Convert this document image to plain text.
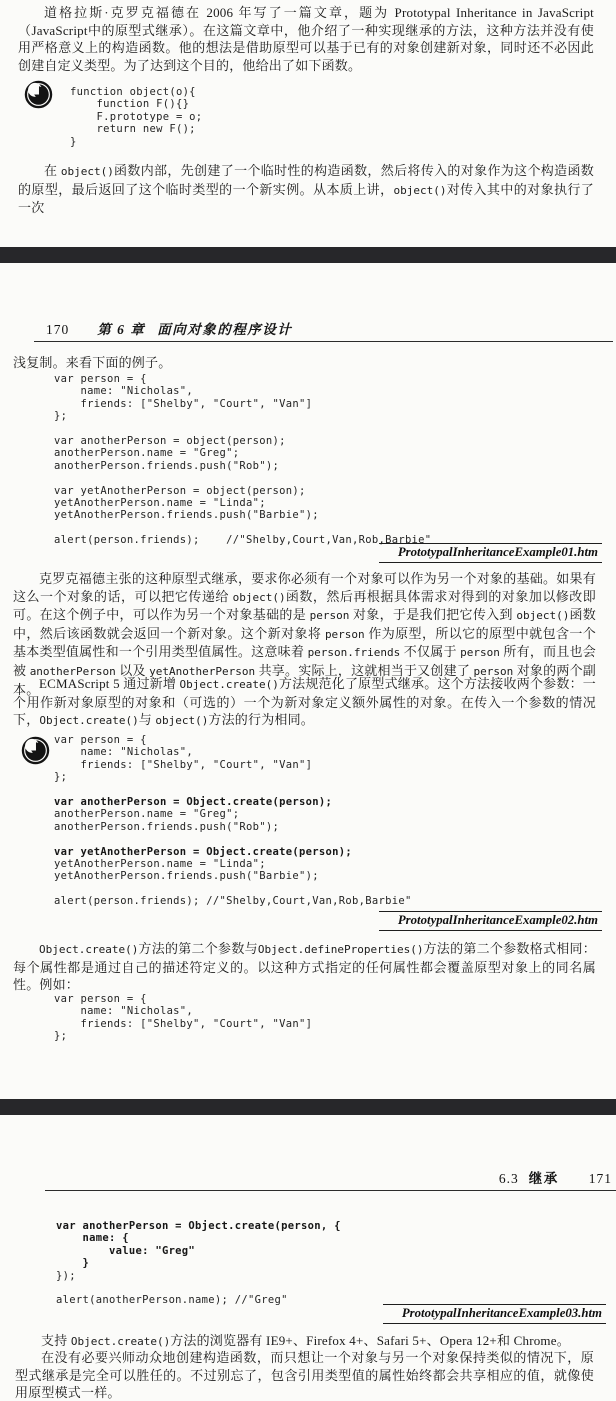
道格拉斯·克罗克福德在 2006 年写了一篇文章，题为 Prototypal Inheritance in JavaScript （JavaScript中的原型式继承）。在这篇文章中，他介绍了一种实现继承的方法，这种方法并没有使用严格意义上的构造函数。他的想法是借助原型可以基于已有的对象创建新对象，同时还不必因此创建自定义类型。为了达到这个目的，他给出了如下函数。
function object(o){
function F(){}
F.prototype = o;
return new F();
}
在 object()函数内部，先创建了一个临时性的构造函数，然后将传入的对象作为这个构造函数的原型，最后返回了这个临时类型的一个新实例。从本质上讲，object()对传入其中的对象执行了一次
170 第 6 章 面向对象的程序设计
浅复制。来看下面的例子。
var person = {
name: "Nicholas",
friends: ["Shelby", "Court", "Van"]
};

var anotherPerson = object(person);
anotherPerson.name = "Greg";
anotherPerson.friends.push("Rob");

var yetAnotherPerson = object(person);
yetAnotherPerson.name = "Linda";
yetAnotherPerson.friends.push("Barbie");

alert(person.friends);    //"Shelby,Court,Van,Rob,Barbie"
PrototypalInheritanceExample01.htm
克罗克福德主张的这种原型式继承，要求你必须有一个对象可以作为另一个对象的基础。如果有这么一个对象的话，可以把它传递给 object()函数，然后再根据具体需求对得到的对象加以修改即可。在这个例子中，可以作为另一个对象基础的是 person 对象，于是我们把它传入到 object()函数中，然后该函数就会返回一个新对象。这个新对象将 person 作为原型，所以它的原型中就包含一个基本类型值属性和一个引用类型值属性。这意味着 person.friends 不仅属于 person 所有，而且也会被 anotherPerson 以及 yetAnotherPerson 共享。实际上，这就相当于又创建了 person 对象的两个副本。 ECMAScript 5 通过新增 Object.create()方法规范化了原型式继承。这个方法接收两个参数：一个用作新对象原型的对象和（可选的）一个为新对象定义额外属性的对象。在传入一个参数的情况下，Object.create()与 object()方法的行为相同。
var person = {
name: "Nicholas",
friends: ["Shelby", "Court", "Van"]
};

var anotherPerson = Object.create(person);
anotherPerson.name = "Greg";
anotherPerson.friends.push("Rob");

var yetAnotherPerson = Object.create(person);
yetAnotherPerson.name = "Linda";
yetAnotherPerson.friends.push("Barbie");

alert(person.friends); //"Shelby,Court,Van,Rob,Barbie"
PrototypalInheritanceExample02.htm
Object.create()方法的第二个参数与Object.defineProperties()方法的第二个参数格式相同：每个属性都是通过自己的描述符定义的。以这种方式指定的任何属性都会覆盖原型对象上的同名属性。例如：
var person = {
name: "Nicholas",
friends: ["Shelby", "Court", "Van"]
};
6.3 继承 171
var anotherPerson = Object.create(person, {
name: {
value: "Greg"
}
});

alert(anotherPerson.name); //"Greg"
PrototypalInheritanceExample03.htm
支持 Object.create()方法的浏览器有 IE9+、Firefox 4+、Safari 5+、Opera 12+和 Chrome。
在没有必要兴师动众地创建构造函数，而只想让一个对象与另一个对象保持类似的情况下，原型式继承是完全可以胜任的。不过别忘了，包含引用类型值的属性始终都会共享相应的值，就像使用原型模式一样。
